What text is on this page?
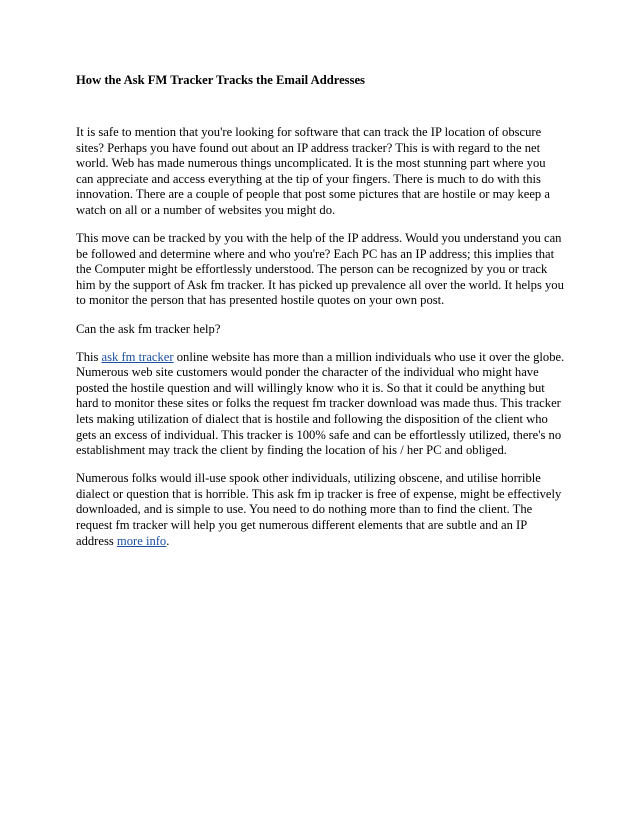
How the Ask FM Tracker Tracks the Email Addresses

It is safe to mention that you're looking for software that can track the IP location of obscure sites? Perhaps you have found out about an IP address tracker? This is with regard to the net world. Web has made numerous things uncomplicated. It is the most stunning part where you can appreciate and access everything at the tip of your fingers. There is much to do with this innovation. There are a couple of people that post some pictures that are hostile or may keep a watch on all or a number of websites you might do.

This move can be tracked by you with the help of the IP address. Would you understand you can be followed and determine where and who you're? Each PC has an IP address; this implies that the Computer might be effortlessly understood. The person can be recognized by you or track him by the support of Ask fm tracker. It has picked up prevalence all over the world. It helps you to monitor the person that has presented hostile quotes on your own post.

Can the ask fm tracker help?

This ask fm tracker online website has more than a million individuals who use it over the globe. Numerous web site customers would ponder the character of the individual who might have posted the hostile question and will willingly know who it is. So that it could be anything but hard to monitor these sites or folks the request fm tracker download was made thus. This tracker lets making utilization of dialect that is hostile and following the disposition of the client who gets an excess of individual. This tracker is 100% safe and can be effortlessly utilized, there's no establishment may track the client by finding the location of his / her PC and obliged.

Numerous folks would ill-use spook other individuals, utilizing obscene, and utilise horrible dialect or question that is horrible. This ask fm ip tracker is free of expense, might be effectively downloaded, and is simple to use. You need to do nothing more than to find the client. The request fm tracker will help you get numerous different elements that are subtle and an IP address more info.
